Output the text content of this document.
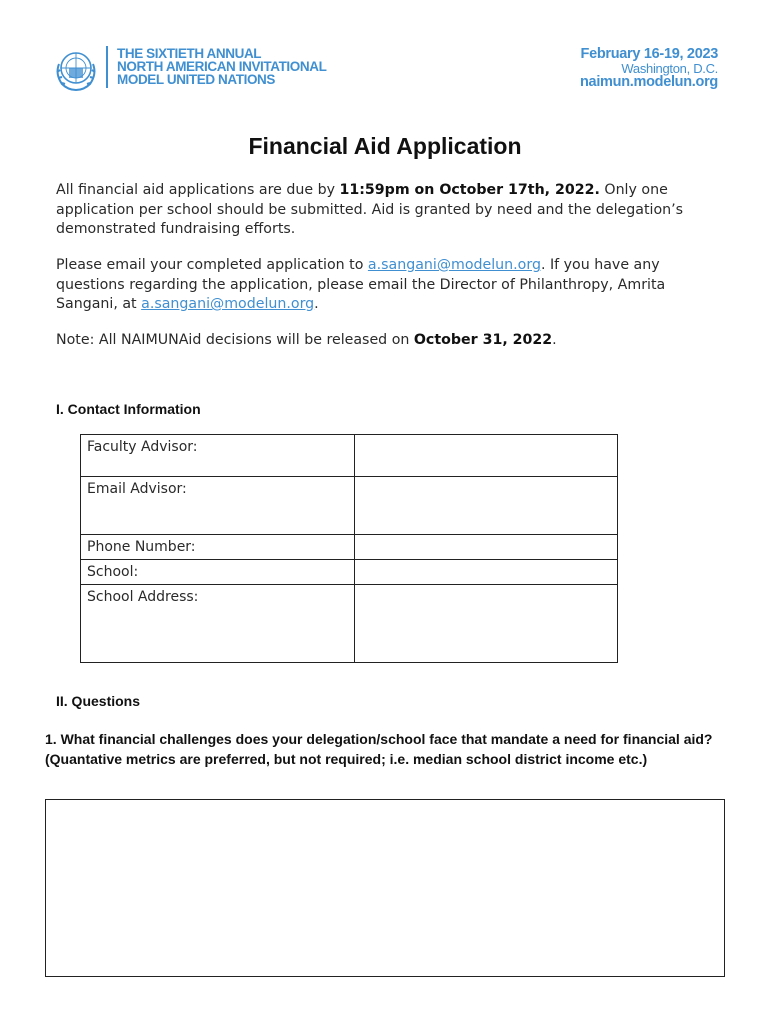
THE SIXTIETH ANNUAL
NORTH AMERICAN INVITATIONAL
MODEL UNITED NATIONS
February 16-19, 2023
Washington, D.C.
naimun.modelun.org
Financial Aid Application
All financial aid applications are due by 11:59pm on October 17th, 2022. Only one application per school should be submitted. Aid is granted by need and the delegation’s demonstrated fundraising efforts.
Please email your completed application to a.sangani@modelun.org. If you have any questions regarding the application, please email the Director of Philanthropy, Amrita Sangani, at a.sangani@modelun.org.
Note: All NAIMUNAid decisions will be released on October 31, 2022.
I. Contact Information
Faculty Advisor:	
Email Advisor:	
Phone Number:	
School:	
School Address:	
II. Questions
1. What financial challenges does your delegation/school face that mandate a need for financial aid? (Quantative metrics are preferred, but not required; i.e. median school district income etc.)
